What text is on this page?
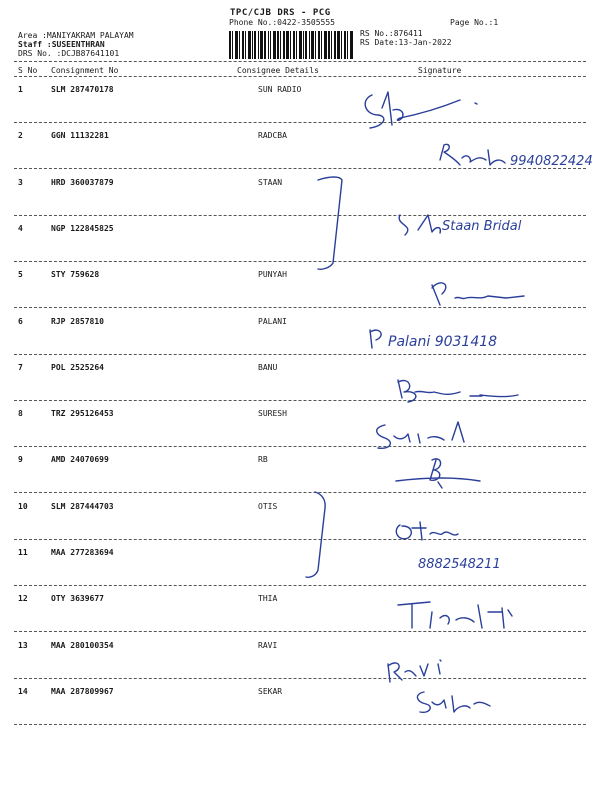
TPC/CJB DRS - PCG
Phone No.:0422-3505555	Page No.:1
Area :MANIYAKRAM PALAYAM
Staff :SUSEENTHRAN
DRS No. :DCJB87641101
RS No.:876411
RS Date:13-Jan-2022
S No Consignment No	Consignee Details	Signature
1	SLM 287470178	SUN RADIO
2	GGN 11132281	RADCBA
3	HRD 360037879	STAAN
4	NGP 122845825
5	STY 759628	PUNYAH
6	RJP 2857810	PALANI
7	POL 2525264	BANU
8	TRZ 295126453	SURESH
9	AMD 24070699	RB
10	SLM 287444703	OTIS
11	MAA 277283694
12	OTY 3639677	THIA
13	MAA 280100354	RAVI
14	MAA 287809967	SEKAR
9940822424
Staan Bridal
Palani 9031418
8882548211
